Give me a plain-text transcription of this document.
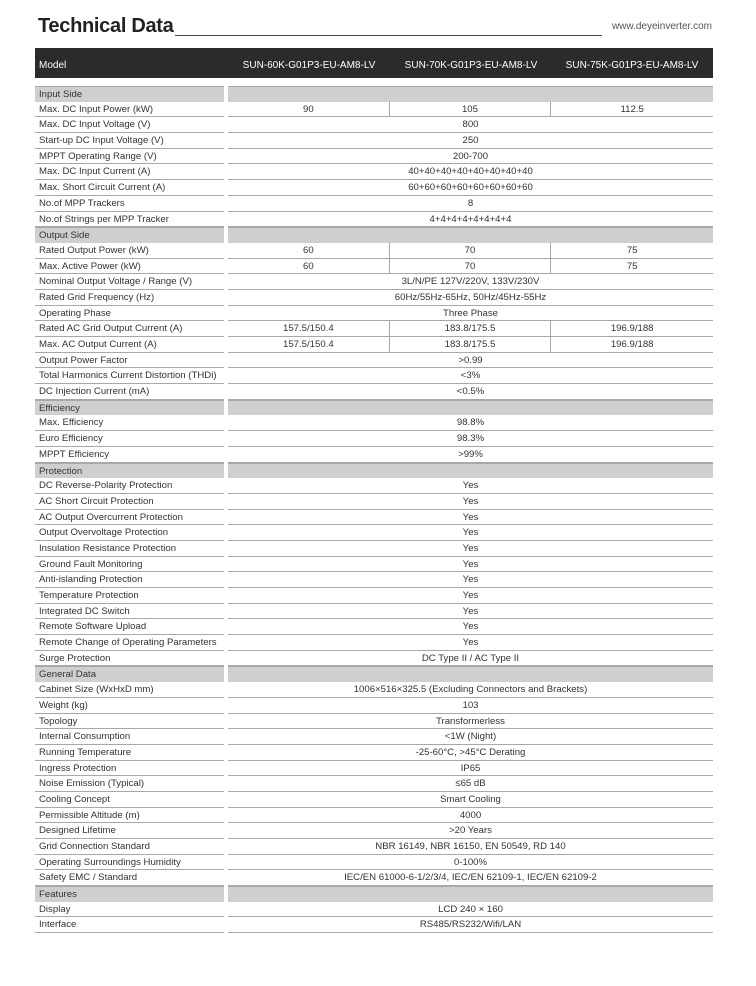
Technical Data	www.deyeinverter.com
Model	SUN-60K-G01P3-EU-AM8-LV	SUN-70K-G01P3-EU-AM8-LV	SUN-75K-G01P3-EU-AM8-LV
Input Side
Max. DC Input Power (kW)	90	105	112.5
Max. DC Input Voltage (V)	800
Start-up DC Input Voltage (V)	250
MPPT Operating Range (V)	200-700
Max. DC Input Current (A)	40+40+40+40+40+40+40+40
Max. Short Circuit Current (A)	60+60+60+60+60+60+60+60
No.of MPP Trackers	8
No.of Strings per MPP Tracker	4+4+4+4+4+4+4+4
Output Side
Rated Output Power (kW)	60	70	75
Max. Active Power (kW)	60	70	75
Nominal Output Voltage / Range (V)	3L/N/PE 127V/220V, 133V/230V
Rated Grid Frequency (Hz)	60Hz/55Hz-65Hz, 50Hz/45Hz-55Hz
Operating Phase	Three Phase
Rated AC Grid Output Current (A)	157.5/150.4	183.8/175.5	196.9/188
Max. AC Output Current (A)	157.5/150.4	183.8/175.5	196.9/188
Output Power Factor	>0.99
Total Harmonics Current Distortion (THDi)	<3%
DC Injection Current (mA)	<0.5%
Efficiency
Max. Efficiency	98.8%
Euro Efficiency	98.3%
MPPT Efficiency	>99%
Protection
DC Reverse-Polarity Protection	Yes
AC Short Circuit Protection	Yes
AC Output Overcurrent Protection	Yes
Output Overvoltage Protection	Yes
Insulation Resistance Protection	Yes
Ground Fault Monitoring	Yes
Anti-islanding Protection	Yes
Temperature Protection	Yes
Integrated DC Switch	Yes
Remote Software Upload	Yes
Remote Change of Operating Parameters	Yes
Surge Protection	DC Type II / AC Type II
General Data
Cabinet Size (WxHxD mm)	1006×516×325.5 (Excluding Connectors and Brackets)
Weight (kg)	103
Topology	Transformerless
Internal Consumption	<1W (Night)
Running Temperature	-25-60°C, >45°C Derating
Ingress Protection	IP65
Noise Emission (Typical)	≤65 dB
Cooling Concept	Smart Cooling
Permissible Altitude (m)	4000
Designed Lifetime	>20 Years
Grid Connection Standard	NBR 16149, NBR 16150, EN 50549, RD 140
Operating Surroundings Humidity	0-100%
Safety EMC / Standard	IEC/EN 61000-6-1/2/3/4, IEC/EN 62109-1, IEC/EN 62109-2
Features
Display	LCD 240 × 160
Interface	RS485/RS232/Wifi/LAN
